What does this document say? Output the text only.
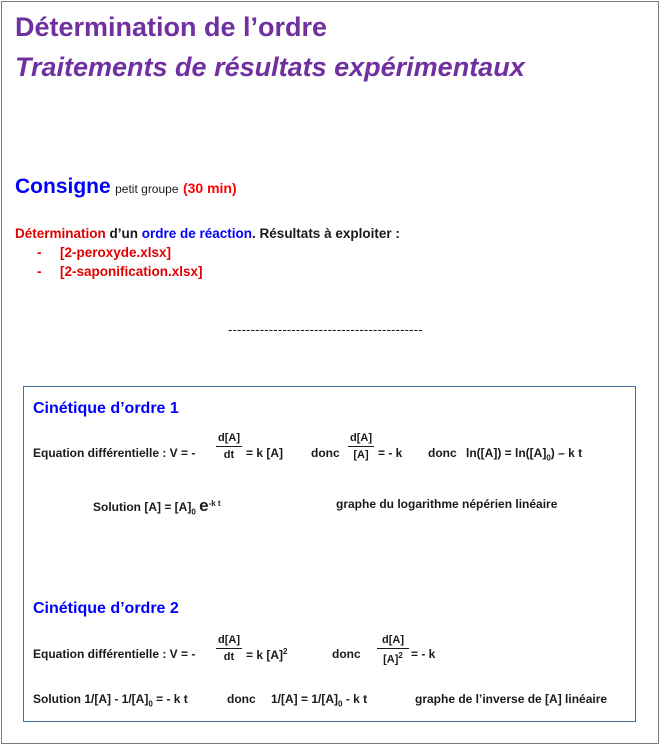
Détermination de l’ordre
Traitements de résultats expérimentaux
Consigne petit groupe (30 min)
Détermination d’un ordre de réaction. Résultats à exploiter :
- [2-peroxyde.xlsx]
- [2-saponification.xlsx]
-------------------------------------------
Cinétique d’ordre 1
Equation différentielle : V = - $\frac{d[A]}{dt} = k$ [A] donc $\frac{d[A]}{[A]}$ = - k donc $\ln([A]) = \ln([A]_0) - k$ t
Solution $[A] = [A]_0$ $e^{-k t}$	graphe du logarithme népérien linéaire
Cinétique d’ordre 2
Equation différentielle : V = - $\frac{d[A]}{dt} = k$ $[A]^2$	donc $\frac{d[A]}{[A]^2}$ = - k
Solution $1/[A] - 1/[A]_0$ = - k t	donc $1/[A] = 1/[A]_0 - k$ t	graphe de l’inverse de [A] linéaire
